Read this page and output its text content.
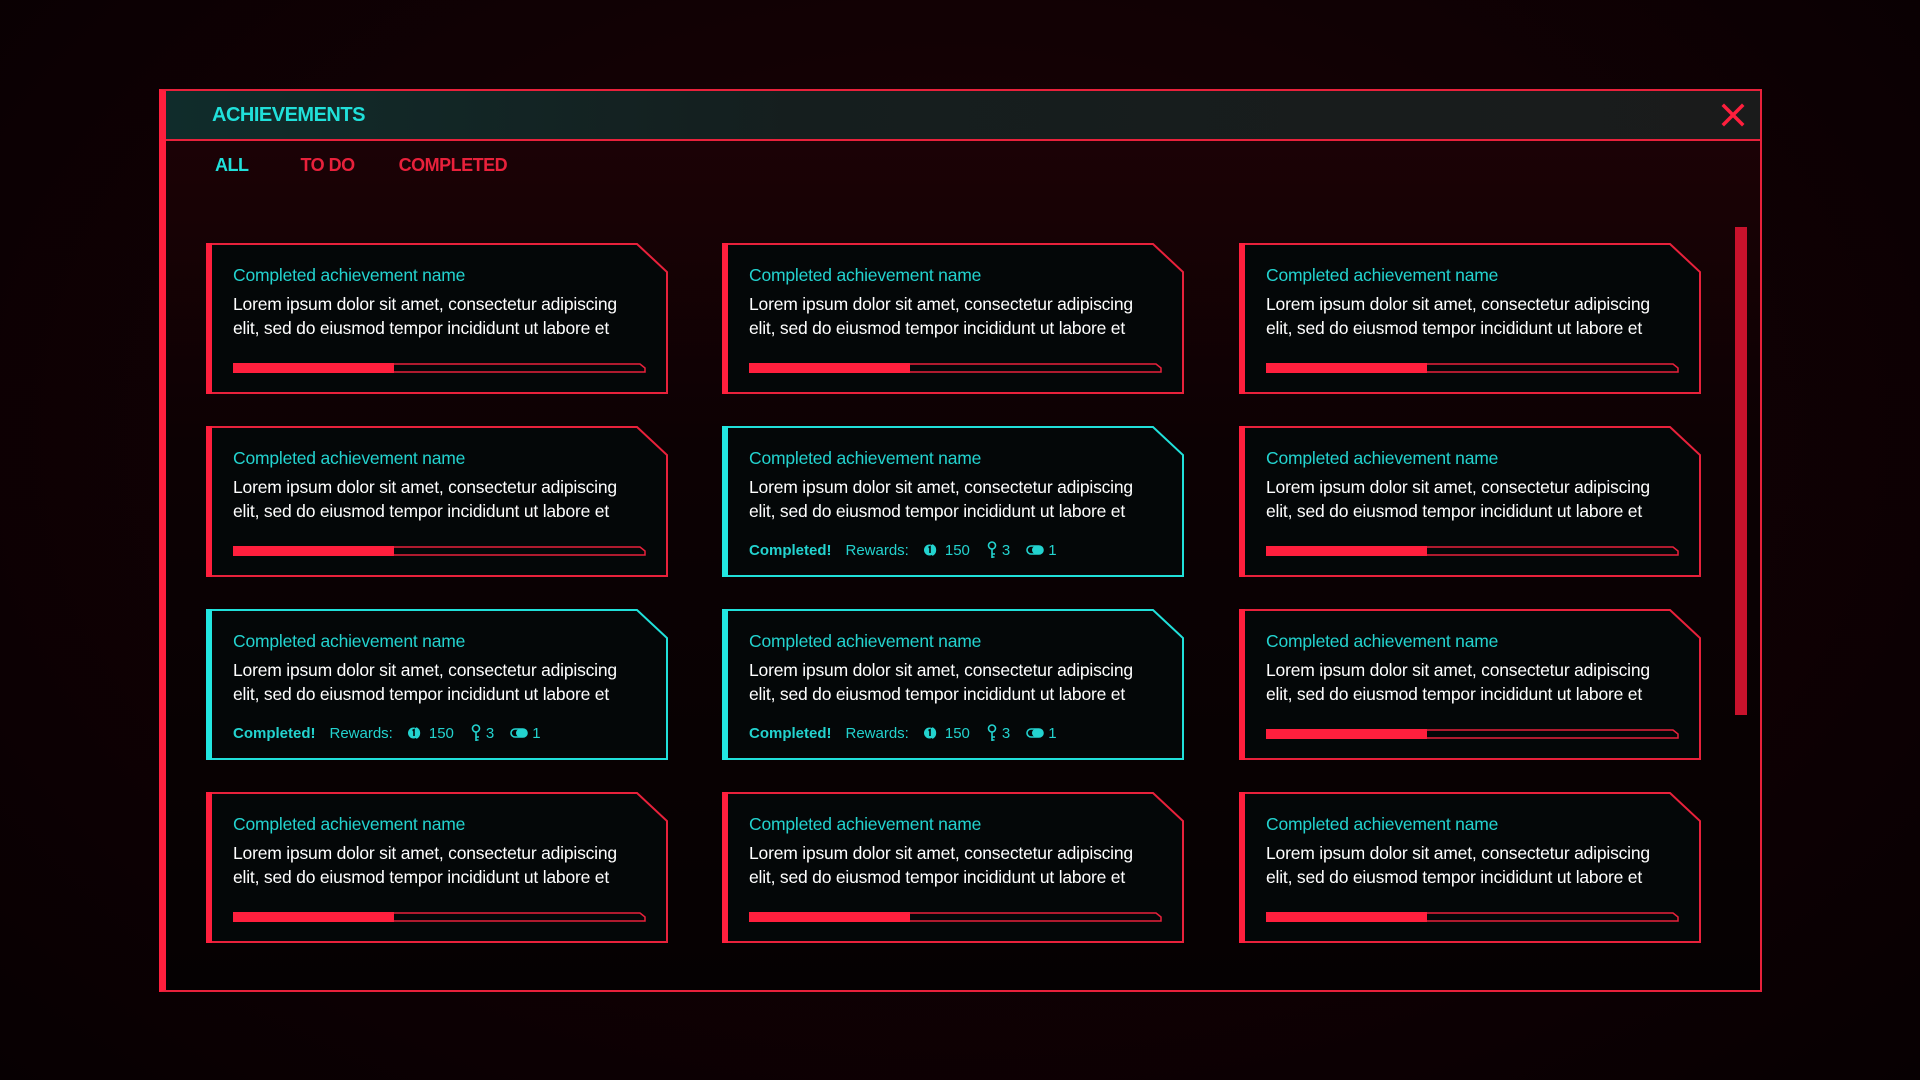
ACHIEVEMENTS
ALL	TO DO COMPLETED
Completed achievement name
Lorem ipsum dolor sit amet, consectetur adipiscing
elit, sed do eiusmod tempor incididunt ut labore et
Completed achievement name
Lorem ipsum dolor sit amet, consectetur adipiscing
elit, sed do eiusmod tempor incididunt ut labore et
Completed achievement name
Lorem ipsum dolor sit amet, consectetur adipiscing
elit, sed do eiusmod tempor incididunt ut labore et
Completed achievement name
Lorem ipsum dolor sit amet, consectetur adipiscing
elit, sed do eiusmod tempor incididunt ut labore et
Completed achievement name
Lorem ipsum dolor sit amet, consectetur adipiscing
elit, sed do eiusmod tempor incididunt ut labore et
Completed! Rewards: 150 3	1
Completed achievement name
Lorem ipsum dolor sit amet, consectetur adipiscing
elit, sed do eiusmod tempor incididunt ut labore et
Completed achievement name
Lorem ipsum dolor sit amet, consectetur adipiscing
elit, sed do eiusmod tempor incididunt ut labore et
Completed! Rewards: 150 3	1
Completed achievement name
Lorem ipsum dolor sit amet, consectetur adipiscing
elit, sed do eiusmod tempor incididunt ut labore et
Completed! Rewards: 150 3	1
Completed achievement name
Lorem ipsum dolor sit amet, consectetur adipiscing
elit, sed do eiusmod tempor incididunt ut labore et
Completed achievement name
Lorem ipsum dolor sit amet, consectetur adipiscing
elit, sed do eiusmod tempor incididunt ut labore et
Completed achievement name
Lorem ipsum dolor sit amet, consectetur adipiscing
elit, sed do eiusmod tempor incididunt ut labore et
Completed achievement name
Lorem ipsum dolor sit amet, consectetur adipiscing
elit, sed do eiusmod tempor incididunt ut labore et
